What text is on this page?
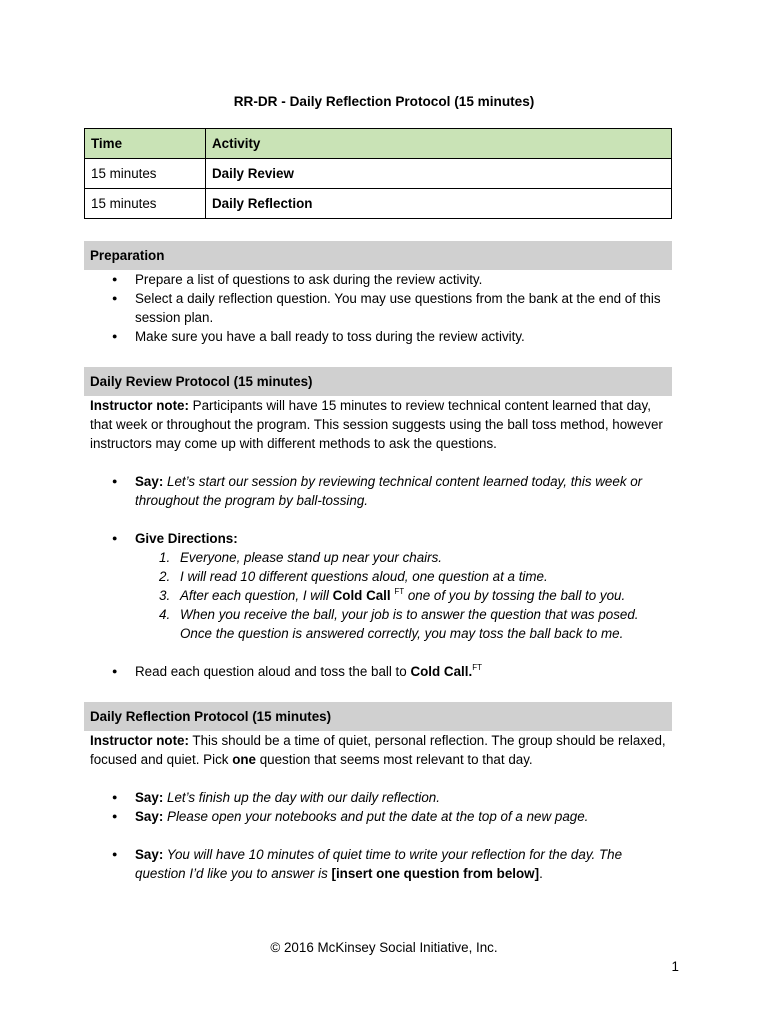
RR-DR - Daily Reflection Protocol (15 minutes)
Time	Activity
15 minutes	Daily Review
15 minutes	Daily Reflection
Preparation
● Prepare a list of questions to ask during the review activity.
● Select a daily reflection question. You may use questions from the bank at the end of this session plan.
● Make sure you have a ball ready to toss during the review activity.
Daily Review Protocol (15 minutes)
Instructor note: Participants will have 15 minutes to review technical content learned that day, that week or throughout the program. This session suggests using the ball toss method, however instructors may come up with different methods to ask the questions.
● Say: Let’s start our session by reviewing technical content learned today, this week or throughout the program by ball-tossing.
● Give Directions:
1. Everyone, please stand up near your chairs.
2. I will read 10 different questions aloud, one question at a time.
3. After each question, I will Cold Call $^{FT}$ one of you by tossing the ball to you.
4. When you receive the ball, your job is to answer the question that was posed. Once the question is answered correctly, you may toss the ball back to me.
● Read each question aloud and toss the ball to Cold Call.$^{FT}$
Daily Reflection Protocol (15 minutes)
Instructor note: This should be a time of quiet, personal reflection. The group should be relaxed, focused and quiet. Pick one question that seems most relevant to that day.
● Say: Let’s finish up the day with our daily reflection.
● Say: Please open your notebooks and put the date at the top of a new page.
● Say: You will have 10 minutes of quiet time to write your reflection for the day. The question I’d like you to answer is [insert one question from below].
© 2016 McKinsey Social Initiative, Inc.
1
